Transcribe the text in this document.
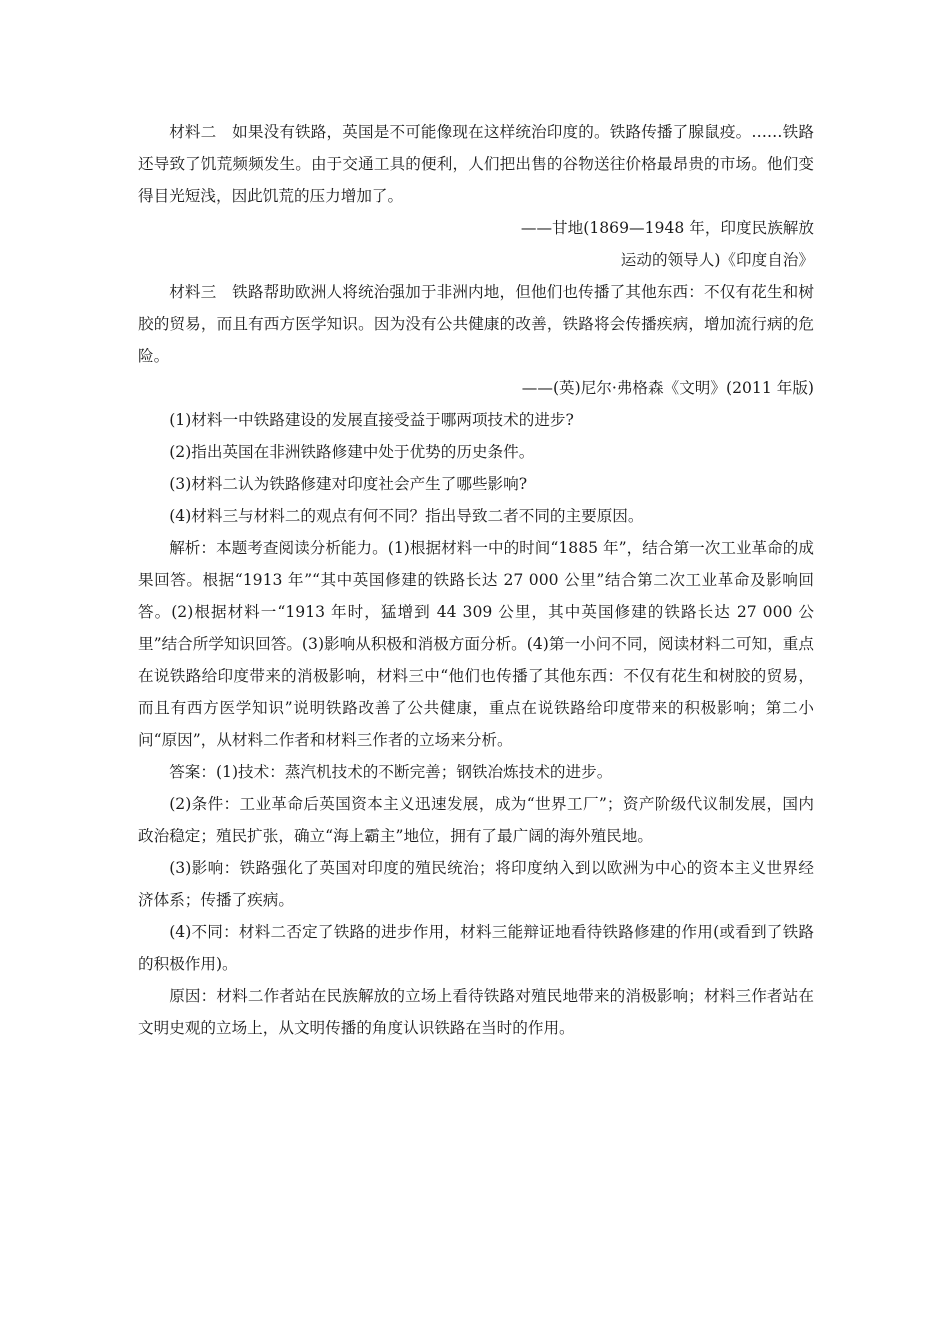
材料二　如果没有铁路，英国是不可能像现在这样统治印度的。铁路传播了腺鼠疫。……铁路还导致了饥荒频频发生。由于交通工具的便利，人们把出售的谷物送往价格最昂贵的市场。他们变得目光短浅，因此饥荒的压力增加了。

——甘地(1869—1948 年，印度民族解放

运动的领导人)《印度自治》

材料三　铁路帮助欧洲人将统治强加于非洲内地，但他们也传播了其他东西：不仅有花生和树胶的贸易，而且有西方医学知识。因为没有公共健康的改善，铁路将会传播疾病，增加流行病的危险。

——(英)尼尔·弗格森《文明》(2011 年版)

(1)材料一中铁路建设的发展直接受益于哪两项技术的进步?

(2)指出英国在非洲铁路修建中处于优势的历史条件。

(3)材料二认为铁路修建对印度社会产生了哪些影响?

(4)材料三与材料二的观点有何不同？指出导致二者不同的主要原因。

解析：本题考查阅读分析能力。(1)根据材料一中的时间“1885 年”，结合第一次工业革命的成果回答。根据“1913 年”“其中英国修建的铁路长达 27 000 公里”结合第二次工业革命及影响回答。(2)根据材料一“1913 年时，猛增到 44 309 公里，其中英国修建的铁路长达 27 000 公里”结合所学知识回答。(3)影响从积极和消极方面分析。(4)第一小问不同，阅读材料二可知，重点在说铁路给印度带来的消极影响，材料三中“他们也传播了其他东西：不仅有花生和树胶的贸易，而且有西方医学知识”说明铁路改善了公共健康，重点在说铁路给印度带来的积极影响；第二小问“原因”，从材料二作者和材料三作者的立场来分析。

答案：(1)技术：蒸汽机技术的不断完善；钢铁冶炼技术的进步。

(2)条件：工业革命后英国资本主义迅速发展，成为“世界工厂”；资产阶级代议制发展，国内政治稳定；殖民扩张，确立“海上霸主”地位，拥有了最广阔的海外殖民地。

(3)影响：铁路强化了英国对印度的殖民统治；将印度纳入到以欧洲为中心的资本主义世界经济体系；传播了疾病。

(4)不同：材料二否定了铁路的进步作用，材料三能辩证地看待铁路修建的作用(或看到了铁路的积极作用)。

原因：材料二作者站在民族解放的立场上看待铁路对殖民地带来的消极影响；材料三作者站在文明史观的立场上，从文明传播的角度认识铁路在当时的作用。
